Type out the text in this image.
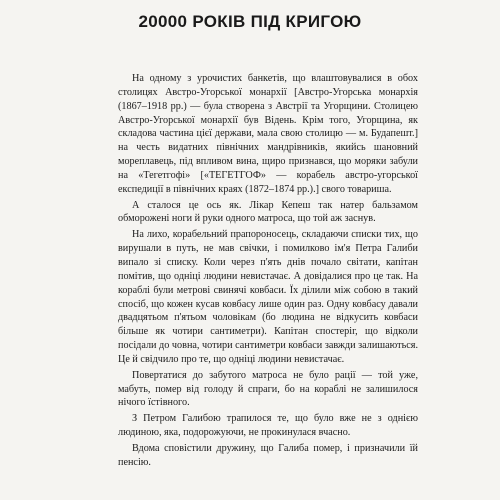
20000 РОКІВ ПІД КРИГОЮ

На одному з урочистих банкетів, що влаштовувалися в обох столицях Австро-Угорської монархії [Австро-Угорська монархія (1867–1918 рр.) — була створена з Австрії та Угорщини. Столицею Австро-Угорської монархії був Відень. Крім того, Угорщина, як складова частина цієї держави, мала свою столицю — м. Будапешт.] на честь видатних північних мандрівників, якийсь шановний мореплавець, під впливом вина, щиро признався, що моряки забули на «Тегетгофі» [«ТЕГЕТГОФ» — корабель австро-угорської експедиції в північних краях (1872–1874 рр.).] свого товариша.

А сталося це ось як. Лікар Кепеш так натер бальзамом обморожені ноги й руки одного матроса, що той аж заснув.

На лихо, корабельний прапороносець, складаючи списки тих, що вирушали в путь, не мав свічки, і помилково ім'я Петра Галиби випало зі списку. Коли через п'ять днів почало світати, капітан помітив, що одніці людини невистачає. А довідалися про це так. На кораблі були метрові свинячі ковбаси. Їх ділили між собою в такий спосіб, що кожен кусав ковбасу лише один раз. Одну ковбасу давали двадцятьом п'ятьом чоловікам (бо людина не відкусить ковбаси більше як чотири сантиметри). Капітан спостеріг, що відколи посідали до човна, чотири сантиметри ковбаси завжди залишаються. Це й свідчило про те, що одніці людини невистачає.

Повертатися до забутого матроса не було рації — той уже, мабуть, помер від голоду й спраги, бо на кораблі не залишилося нічого їстівного.

З Петром Галибою трапилося те, що було вже не з однією людиною, яка, подорожуючи, не прокинулася вчасно.

Вдома сповістили дружину, що Галиба помер, і призначили їй пенсію.
